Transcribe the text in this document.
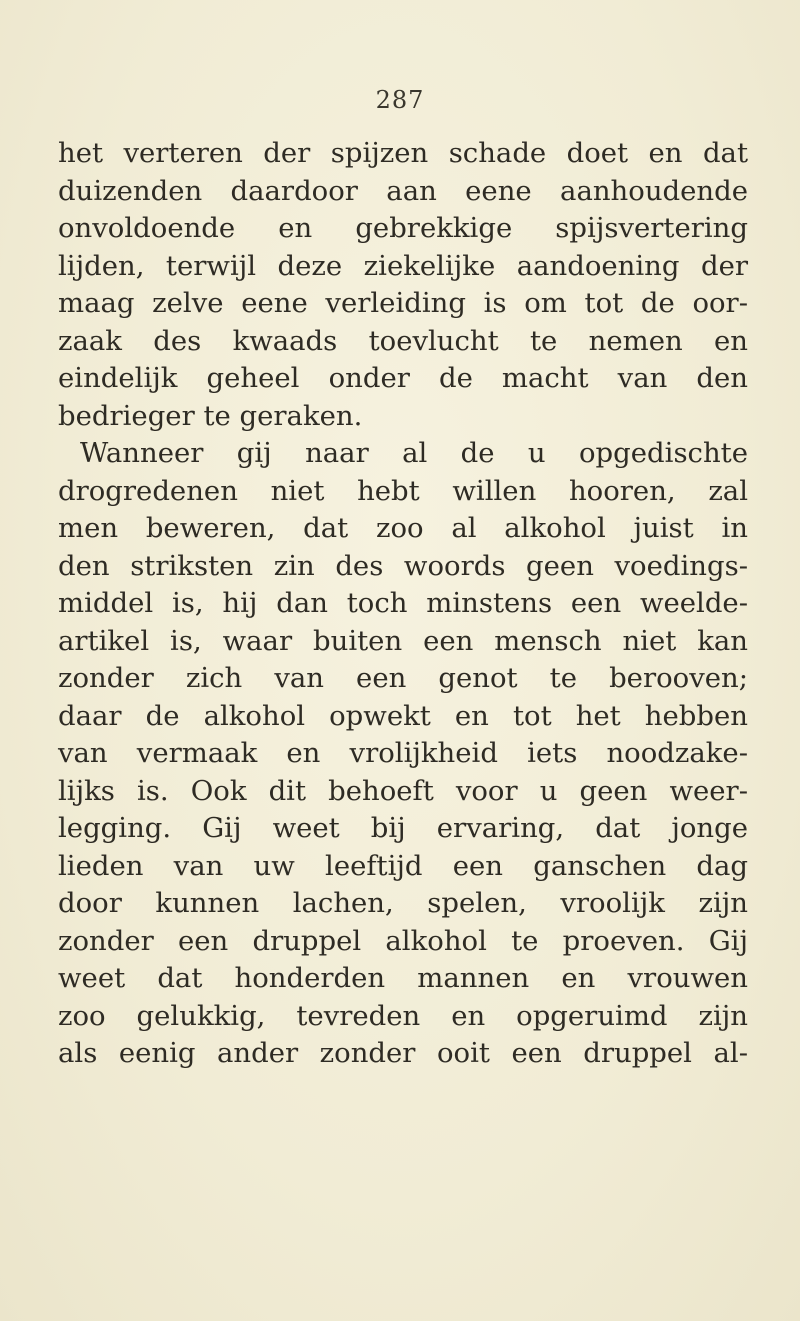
287
het verteren der spijzen schade doet en dat
duizenden daardoor aan eene aanhoudende
onvoldoende en gebrekkige spijsvertering
lijden, terwijl deze ziekelijke aandoening der
maag zelve eene verleiding is om tot de oor-
zaak des kwaads toevlucht te nemen en
eindelijk geheel onder de macht van den
bedrieger te geraken.
Wanneer gij naar al de u opgedischte
drogredenen niet hebt willen hooren, zal
men beweren, dat zoo al alkohol juist in
den striksten zin des woords geen voedings-
middel is, hij dan toch minstens een weelde-
artikel is, waar buiten een mensch niet kan
zonder zich van een genot te berooven;
daar de alkohol opwekt en tot het hebben
van vermaak en vrolijkheid iets noodzake-
lijks is. Ook dit behoeft voor u geen weer-
legging. Gij weet bij ervaring, dat jonge
lieden van uw leeftijd een ganschen dag
door kunnen lachen, spelen, vroolijk zijn
zonder een druppel alkohol te proeven. Gij
weet dat honderden mannen en vrouwen
zoo gelukkig, tevreden en opgeruimd zijn
als eenig ander zonder ooit een druppel al-
